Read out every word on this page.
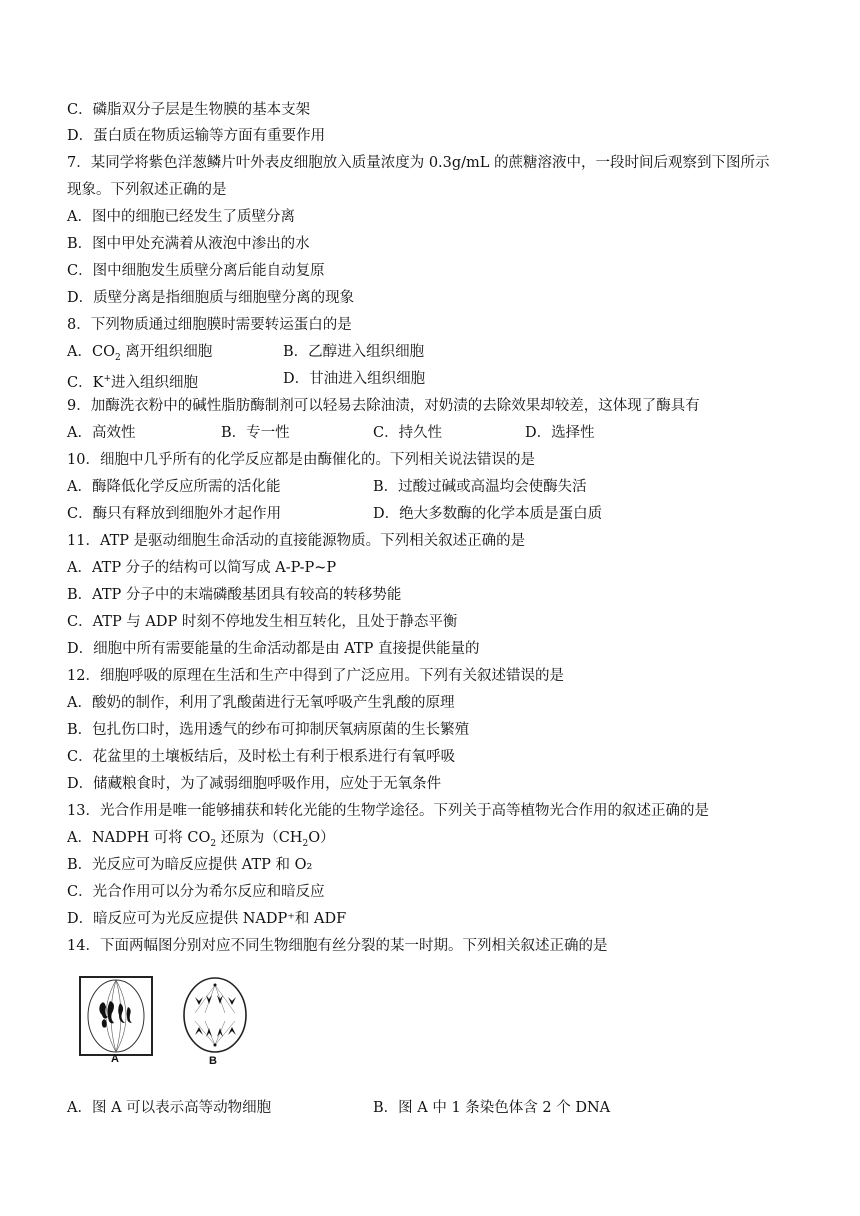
C．磷脂双分子层是生物膜的基本支架
D．蛋白质在物质运输等方面有重要作用
7．某同学将紫色洋葱鳞片叶外表皮细胞放入质量浓度为 0.3g/mL 的蔗糖溶液中，一段时间后观察到下图所示
现象。下列叙述正确的是
A．图中的细胞已经发生了质壁分离
B．图中甲处充满着从液泡中渗出的水
C．图中细胞发生质壁分离后能自动复原
D．质壁分离是指细胞质与细胞壁分离的现象
8．下列物质通过细胞膜时需要转运蛋白的是
A．$CO_2$ 离开组织细胞	B．乙醇进入组织细胞
C．K+进入组织细胞	D．甘油进入组织细胞
9．加酶洗衣粉中的碱性脂肪酶制剂可以轻易去除油渍，对奶渍的去除效果却较差，这体现了酶具有
A．高效性	B．专一性	C．持久性	D．选择性
10．细胞中几乎所有的化学反应都是由酶催化的。下列相关说法错误的是
A．酶降低化学反应所需的活化能	B．过酸过碱或高温均会使酶失活
C．酶只有释放到细胞外才起作用	D．绝大多数酶的化学本质是蛋白质
11．ATP 是驱动细胞生命活动的直接能源物质。下列相关叙述正确的是
A．ATP 分子的结构可以简写成 A-P-P~P
B．ATP 分子中的末端磷酸基团具有较高的转移势能
C．ATP 与 ADP 时刻不停地发生相互转化，且处于静态平衡
D．细胞中所有需要能量的生命活动都是由 ATP 直接提供能量的
12．细胞呼吸的原理在生活和生产中得到了广泛应用。下列有关叙述错误的是
A．酸奶的制作，利用了乳酸菌进行无氧呼吸产生乳酸的原理
B．包扎伤口时，选用透气的纱布可抑制厌氧病原菌的生长繁殖
C．花盆里的土壤板结后，及时松土有利于根系进行有氧呼吸
D．储藏粮食时，为了减弱细胞呼吸作用，应处于无氧条件
13．光合作用是唯一能够捕获和转化光能的生物学途径。下列关于高等植物光合作用的叙述正确的是
A．NADPH 可将 $CO_2$ 还原为$(CH_2O)$
B．光反应可为暗反应提供 ATP 和 O₂
C．光合作用可以分为希尔反应和暗反应
D．暗反应可为光反应提供 NADP⁺和 ADF
14．下面两幅图分别对应不同生物细胞有丝分裂的某一时期。下列相关叙述正确的是
A	B
A．图 A 可以表示高等动物细胞	B．图 A 中 1 条染色体含 2 个 DNA
